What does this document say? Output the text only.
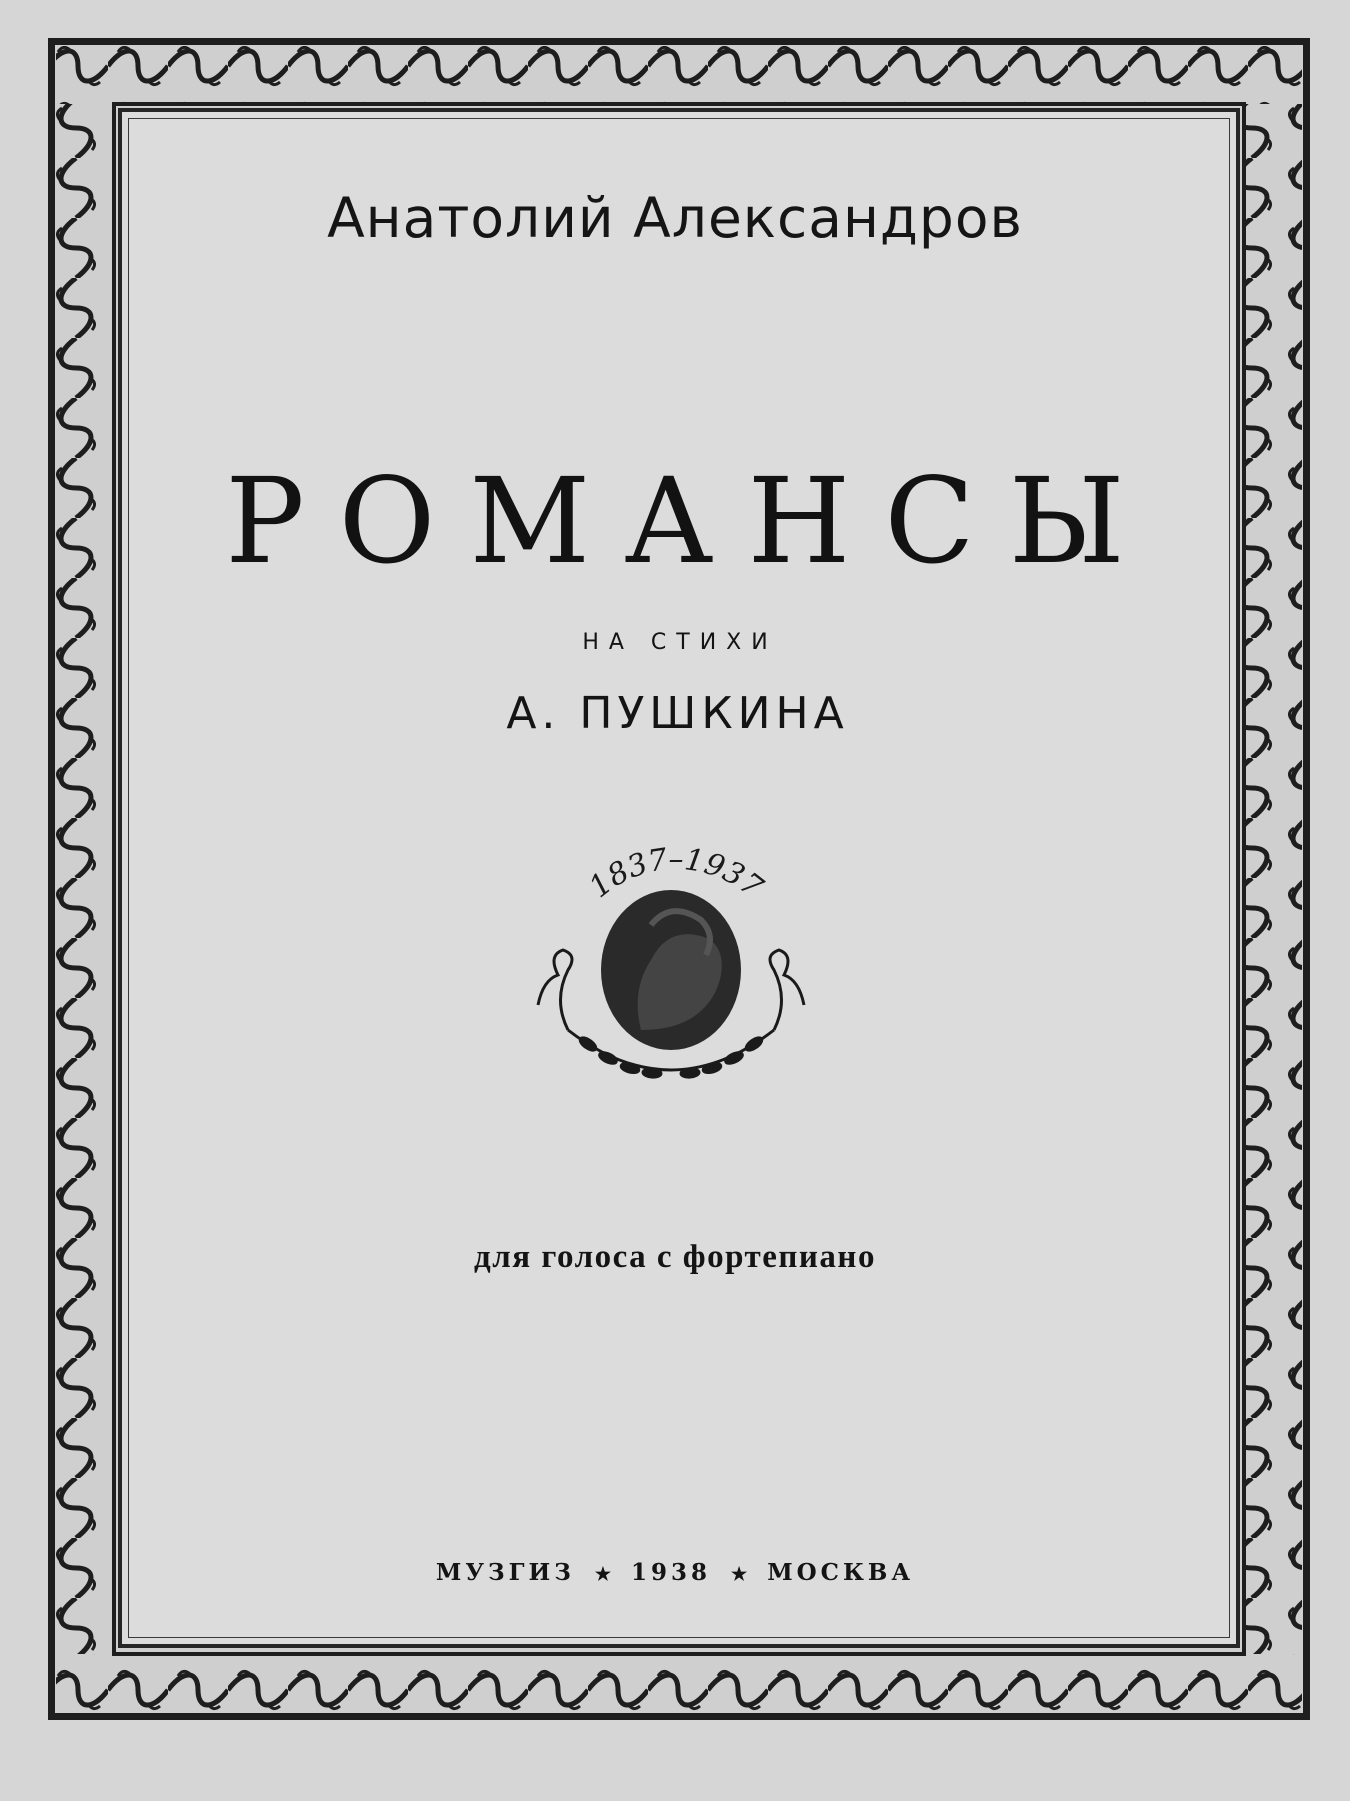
Анатолий Александров
РОМАНСЫ
НА СТИХИ
А. ПУШКИНА
1837–1937
для голоса с фортепиано
МУЗГИЗ ★ 1938 ★ МОСКВА
